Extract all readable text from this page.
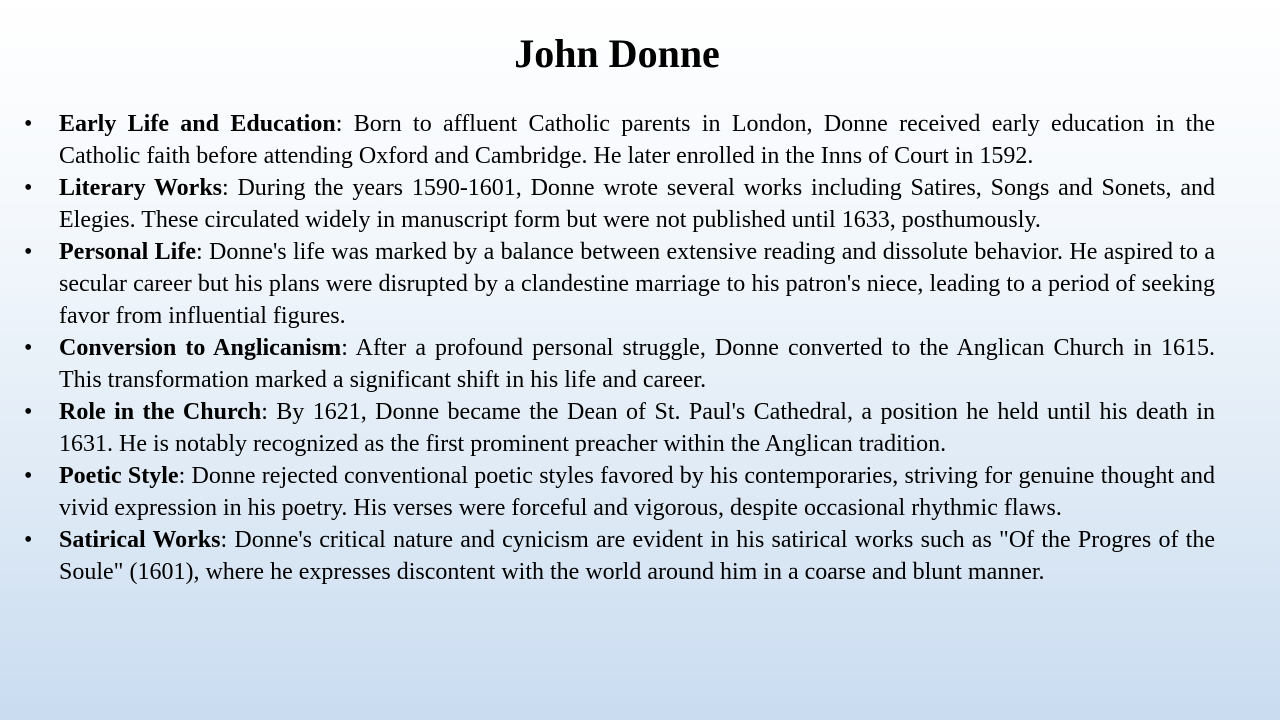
John Donne
• Early Life and Education: Born to affluent Catholic parents in London, Donne received early education in the Catholic faith before attending Oxford and Cambridge. He later enrolled in the Inns of Court in 1592.
• Literary Works: During the years 1590-1601, Donne wrote several works including Satires, Songs and Sonets, and Elegies. These circulated widely in manuscript form but were not published until 1633, posthumously.
• Personal Life: Donne's life was marked by a balance between extensive reading and dissolute behavior. He aspired to a secular career but his plans were disrupted by a clandestine marriage to his patron's niece, leading to a period of seeking favor from influential figures.
• Conversion to Anglicanism: After a profound personal struggle, Donne converted to the Anglican Church in 1615. This transformation marked a significant shift in his life and career.
• Role in the Church: By 1621, Donne became the Dean of St. Paul's Cathedral, a position he held until his death in 1631. He is notably recognized as the first prominent preacher within the Anglican tradition.
• Poetic Style: Donne rejected conventional poetic styles favored by his contemporaries, striving for genuine thought and vivid expression in his poetry. His verses were forceful and vigorous, despite occasional rhythmic flaws.
• Satirical Works: Donne's critical nature and cynicism are evident in his satirical works such as "Of the Progres of the Soule" (1601), where he expresses discontent with the world around him in a coarse and blunt manner.
